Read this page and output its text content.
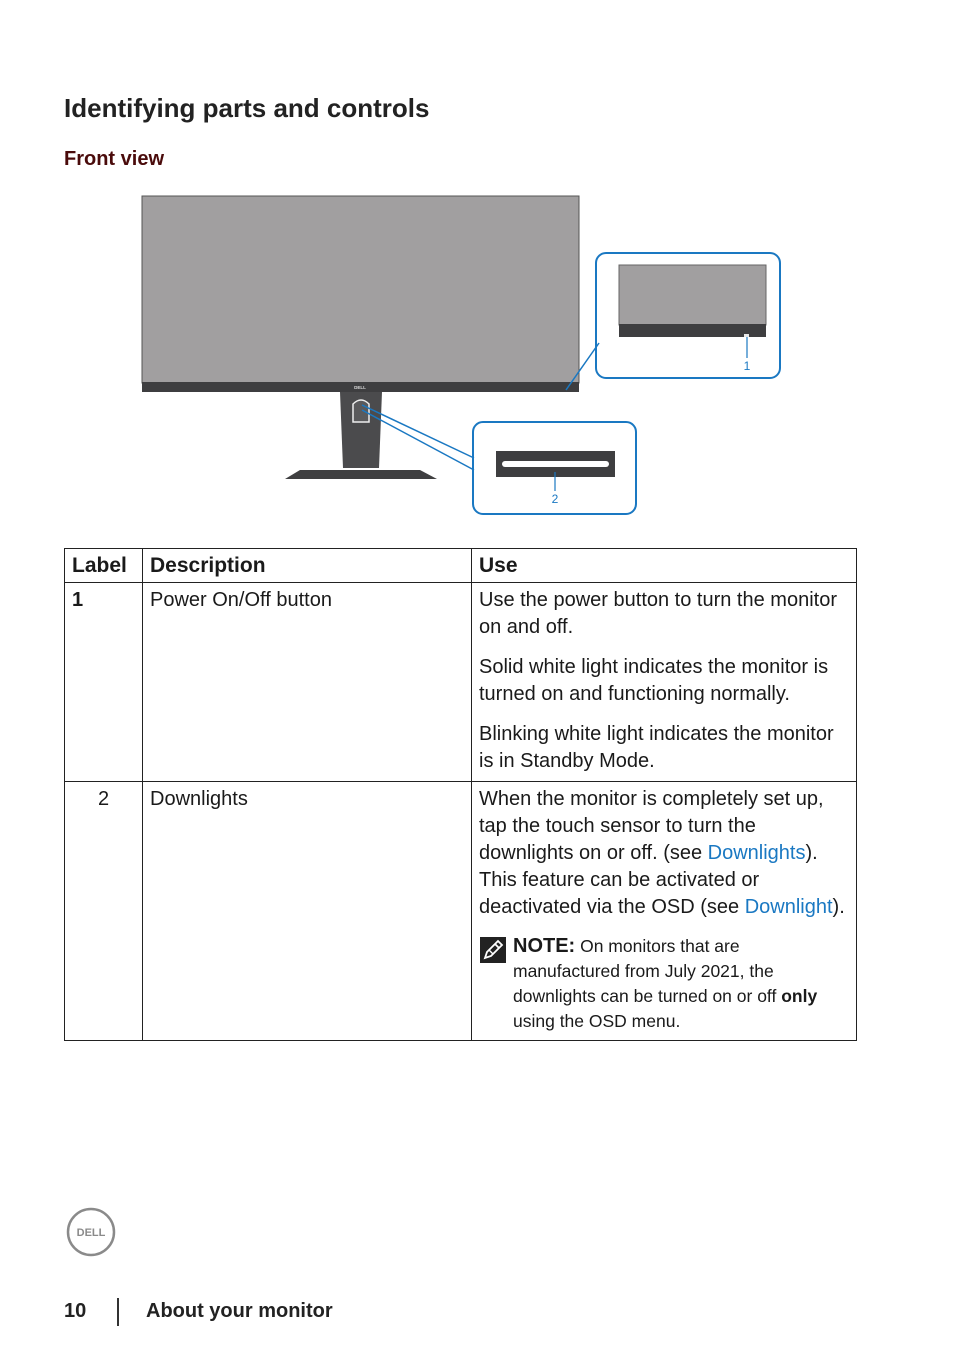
Identifying parts and controls
Front view
DELL
1
2
Label	Description	Use
1	Power On/Off button	Use the power button to turn the monitor on and off.

Solid white light indicates the monitor is turned on and functioning normally.

Blinking white light indicates the monitor is in Standby Mode.

2	Downlights	When the monitor is completely set up, tap the touch sensor to turn the downlights on or off. (see Downlights). This feature can be activated or deactivated via the OSD (see Downlight).

NOTE: On monitors that are manufactured from July 2021, the downlights can be turned on or off only using the OSD menu.
DELL
10	About your monitor
